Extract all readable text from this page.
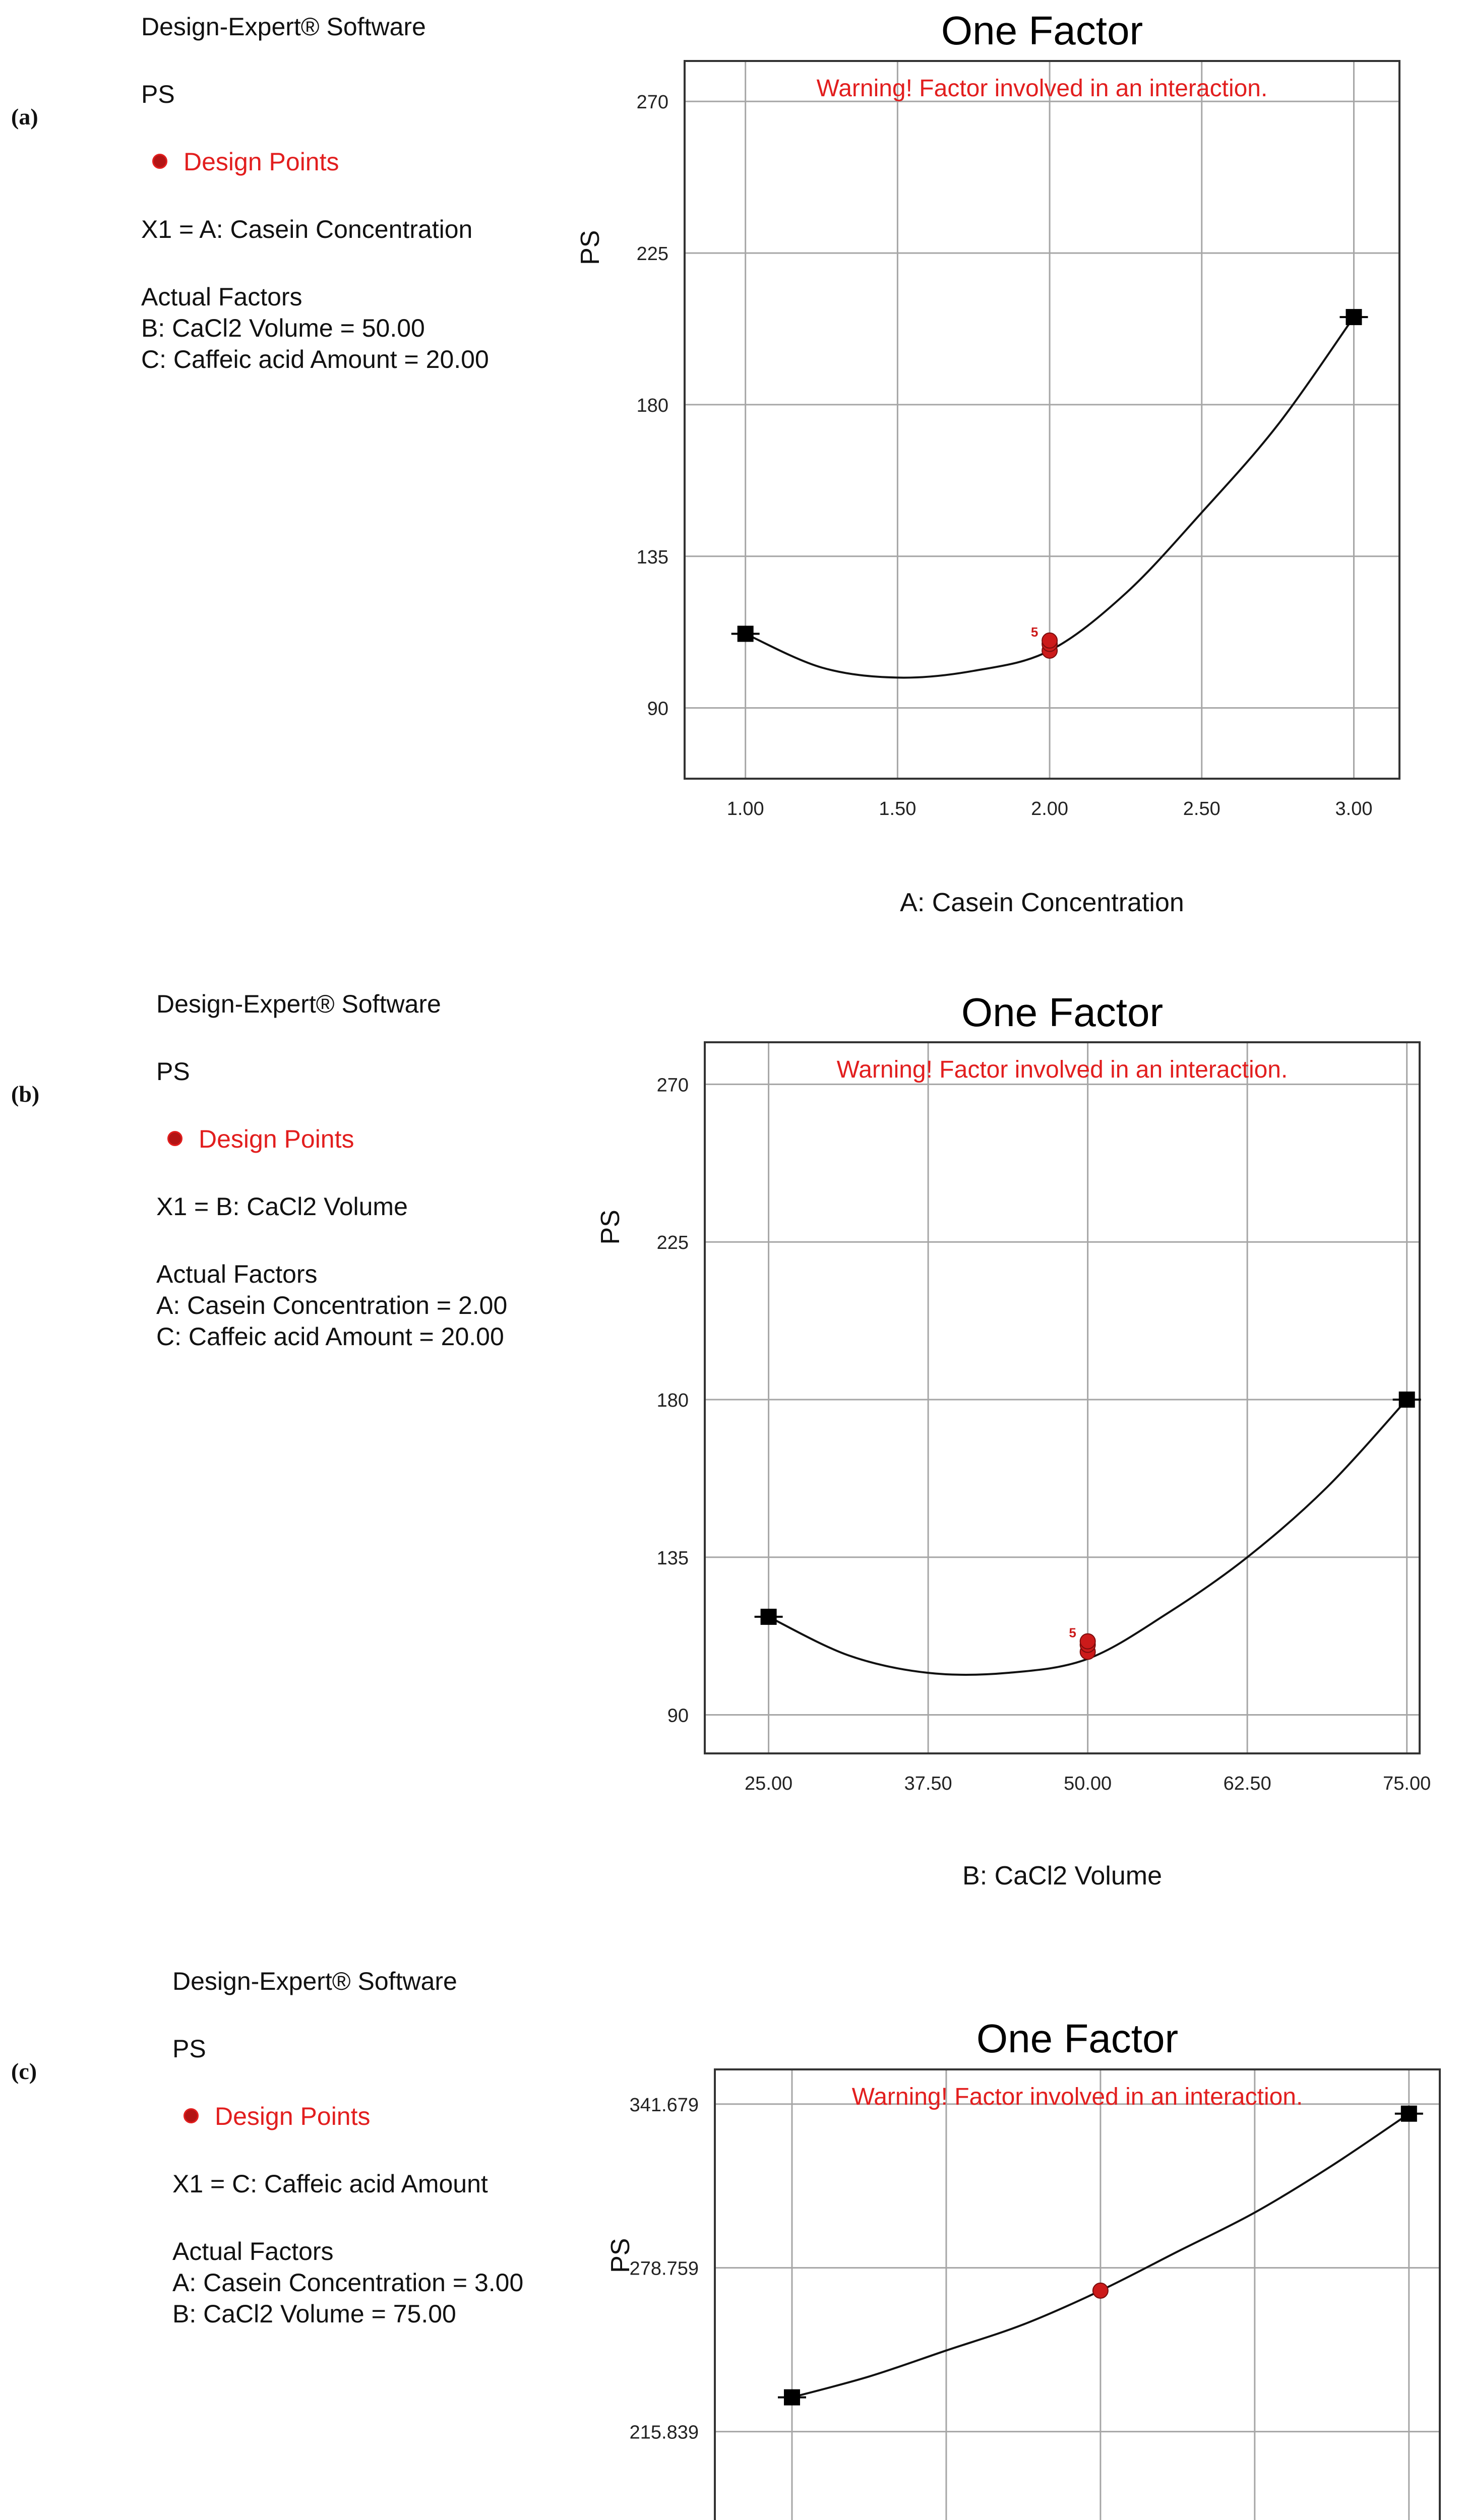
(a)
Design-Expert® Software
PS
Design Points
X1 = A: Casein Concentration
Actual Factors
B: CaCl2 Volume = 50.00
C: Caffeic acid Amount = 20.00
1.00	1.50	2.00	2.50	3.00
90
135
180
225
270
One Factor
Warning! Factor involved in an interaction.
A: Casein Concentration
PS
5
(b)
Design-Expert® Software
PS
Design Points
X1 = B: CaCl2 Volume
Actual Factors
A: Casein Concentration = 2.00
C: Caffeic acid Amount = 20.00
25.00	37.50	50.00	62.50	75.00
90
135
180
225
270
One Factor
Warning! Factor involved in an interaction.
B: CaCl2 Volume
PS
5
(c)
Design-Expert® Software
PS
Design Points
X1 = C: Caffeic acid Amount
Actual Factors
A: Casein Concentration = 3.00
B: CaCl2 Volume = 75.00
215.839
278.759
341.679
One Factor
Warning! Factor involved in an interaction.
PS
